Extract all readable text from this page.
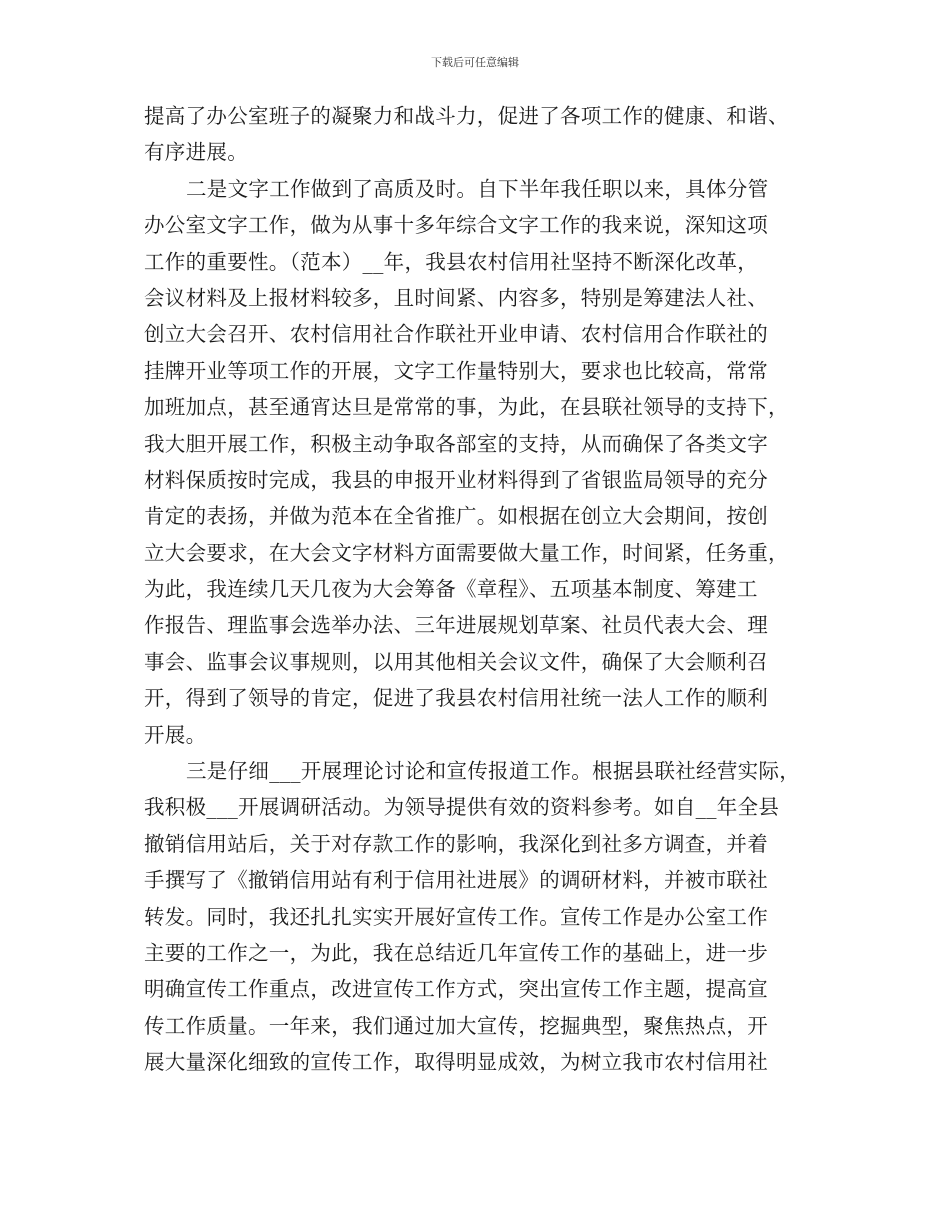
下载后可任意编辑
提高了办公室班子的凝聚力和战斗力，促进了各项工作的健康、和谐、
有序进展。
二是文字工作做到了高质及时。自下半年我任职以来，具体分管
办公室文字工作，做为从事十多年综合文字工作的我来说，深知这项
工作的重要性。（范本）__年，我县农村信用社坚持不断深化改革，
会议材料及上报材料较多，且时间紧、内容多，特别是筹建法人社、
创立大会召开、农村信用社合作联社开业申请、农村信用合作联社的
挂牌开业等项工作的开展，文字工作量特别大，要求也比较高，常常
加班加点，甚至通宵达旦是常常的事，为此，在县联社领导的支持下，
我大胆开展工作，积极主动争取各部室的支持，从而确保了各类文字
材料保质按时完成，我县的申报开业材料得到了省银监局领导的充分
肯定的表扬，并做为范本在全省推广。如根据在创立大会期间，按创
立大会要求，在大会文字材料方面需要做大量工作，时间紧，任务重，
为此，我连续几天几夜为大会筹备《章程》、五项基本制度、筹建工
作报告、理监事会选举办法、三年进展规划草案、社员代表大会、理
事会、监事会议事规则，以用其他相关会议文件，确保了大会顺利召
开，得到了领导的肯定，促进了我县农村信用社统一法人工作的顺利
开展。
三是仔细___开展理论讨论和宣传报道工作。根据县联社经营实际，
我积极___开展调研活动。为领导提供有效的资料参考。如自__年全县
撤销信用站后，关于对存款工作的影响，我深化到社多方调查，并着
手撰写了《撤销信用站有利于信用社进展》的调研材料，并被市联社
转发。同时，我还扎扎实实开展好宣传工作。宣传工作是办公室工作
主要的工作之一，为此，我在总结近几年宣传工作的基础上，进一步
明确宣传工作重点，改进宣传工作方式，突出宣传工作主题，提高宣
传工作质量。一年来，我们通过加大宣传，挖掘典型，聚焦热点，开
展大量深化细致的宣传工作，取得明显成效，为树立我市农村信用社
